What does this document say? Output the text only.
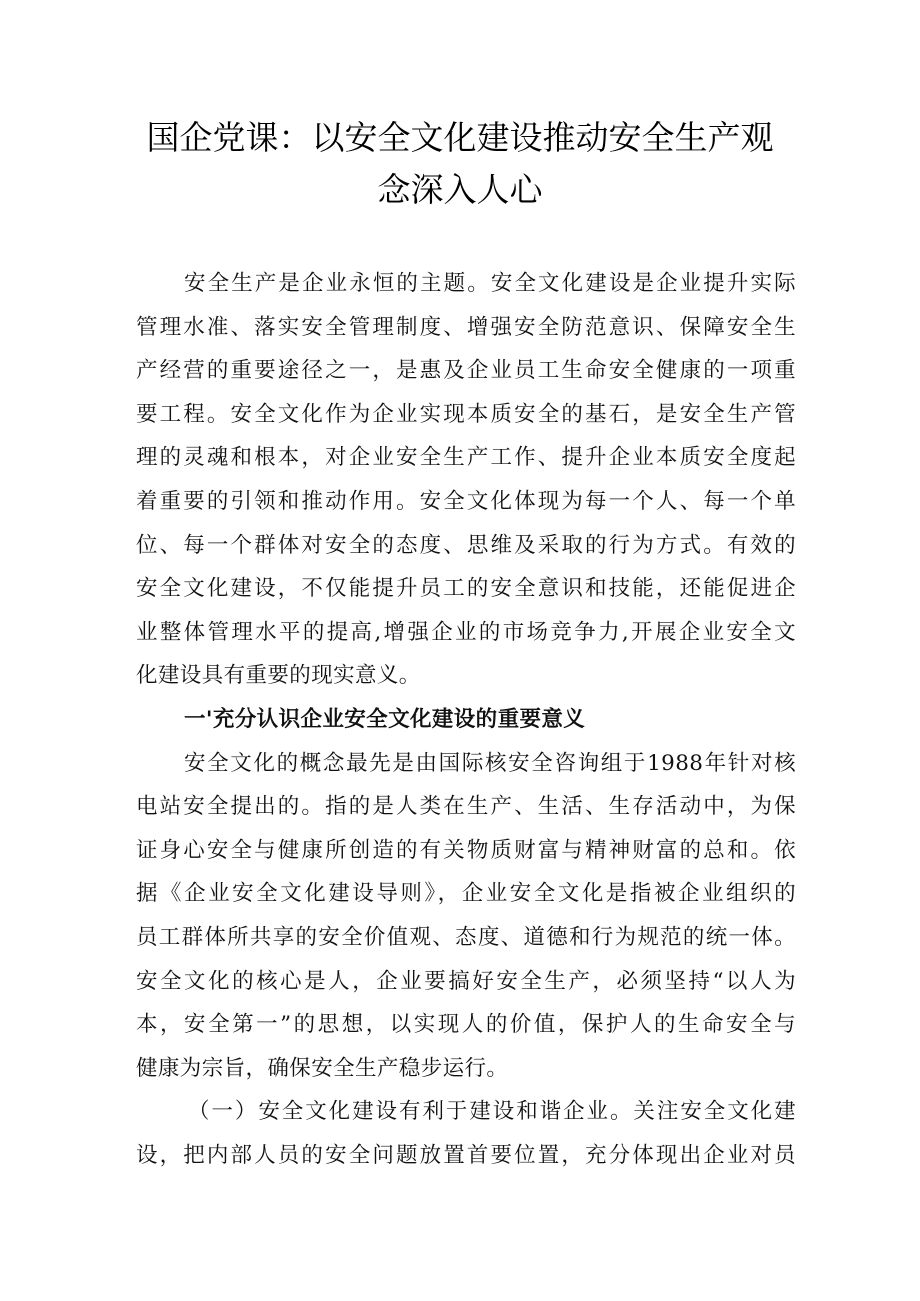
国企党课：以安全文化建设推动安全生产观
念深入人心
安全生产是企业永恒的主题。安全文化建设是企业提升实际
管理水准、落实安全管理制度、增强安全防范意识、保障安全生
产经营的重要途径之一，是惠及企业员工生命安全健康的一项重
要工程。安全文化作为企业实现本质安全的基石，是安全生产管
理的灵魂和根本，对企业安全生产工作、提升企业本质安全度起
着重要的引领和推动作用。安全文化体现为每一个人、每一个单
位、每一个群体对安全的态度、思维及采取的行为方式。有效的
安全文化建设，不仅能提升员工的安全意识和技能，还能促进企
业整体管理水平的提高,增强企业的市场竞争力,开展企业安全文
化建设具有重要的现实意义。
一'充分认识企业安全文化建设的重要意义
安全文化的概念最先是由国际核安全咨询组于1988年针对核
电站安全提出的。指的是人类在生产、生活、生存活动中，为保
证身心安全与健康所创造的有关物质财富与精神财富的总和。依
据《企业安全文化建设导则》，企业安全文化是指被企业组织的
员工群体所共享的安全价值观、态度、道德和行为规范的统一体。
安全文化的核心是人，企业要搞好安全生产，必须坚持“以人为
本，安全第一”的思想，以实现人的价值，保护人的生命安全与
健康为宗旨，确保安全生产稳步运行。
（一）安全文化建设有利于建设和谐企业。关注安全文化建
设，把内部人员的安全问题放置首要位置，充分体现出企业对员
